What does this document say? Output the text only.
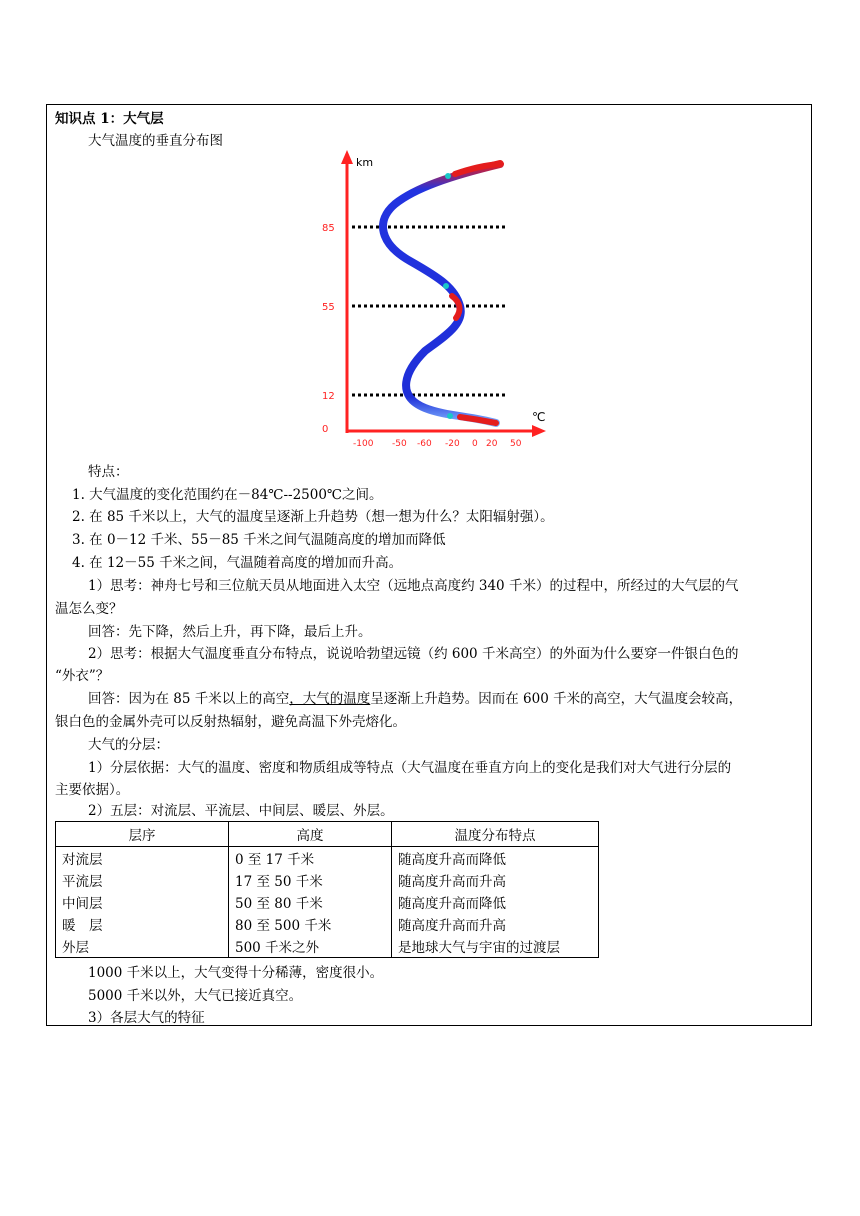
知识点 1：大气层
大气温度的垂直分布图
km
℃
85
55
12
0
-100 -50 -60 -20 0 20 50
特点：
1. 大气温度的变化范围约在－84℃--2500℃之间。
2. 在 85 千米以上，大气的温度呈逐渐上升趋势（想一想为什么？太阳辐射强）。
3. 在 0－12 千米、55－85 千米之间气温随高度的增加而降低
4. 在 12－55 千米之间，气温随着高度的增加而升高。
1）思考：神舟七号和三位航天员从地面进入太空（远地点高度约 340 千米）的过程中，所经过的大气层的气
温怎么变？
回答：先下降，然后上升，再下降，最后上升。
2）思考：根据大气温度垂直分布特点，说说哈勃望远镜（约 600 千米高空）的外面为什么要穿一件银白色的
“外衣”？
回答：因为在 85 千米以上的高空，大气的温度呈逐渐上升趋势。因而在 600 千米的高空，大气温度会较高，
银白色的金属外壳可以反射热辐射，避免高温下外壳熔化。
大气的分层：
1）分层依据：大气的温度、密度和物质组成等特点（大气温度在垂直方向上的变化是我们对大气进行分层的
主要依据）。
2）五层：对流层、平流层、中间层、暖层、外层。
层序	高度	温度分布特点
对流层	0 至 17 千米	随高度升高而降低
平流层	17 至 50 千米	随高度升高而升高
中间层	50 至 80 千米	随高度升高而降低
暖　层	80 至 500 千米	随高度升高而升高
外层	500 千米之外	是地球大气与宇宙的过渡层
1000 千米以上，大气变得十分稀薄，密度很小。
5000 千米以外，大气已接近真空。
3）各层大气的特征
